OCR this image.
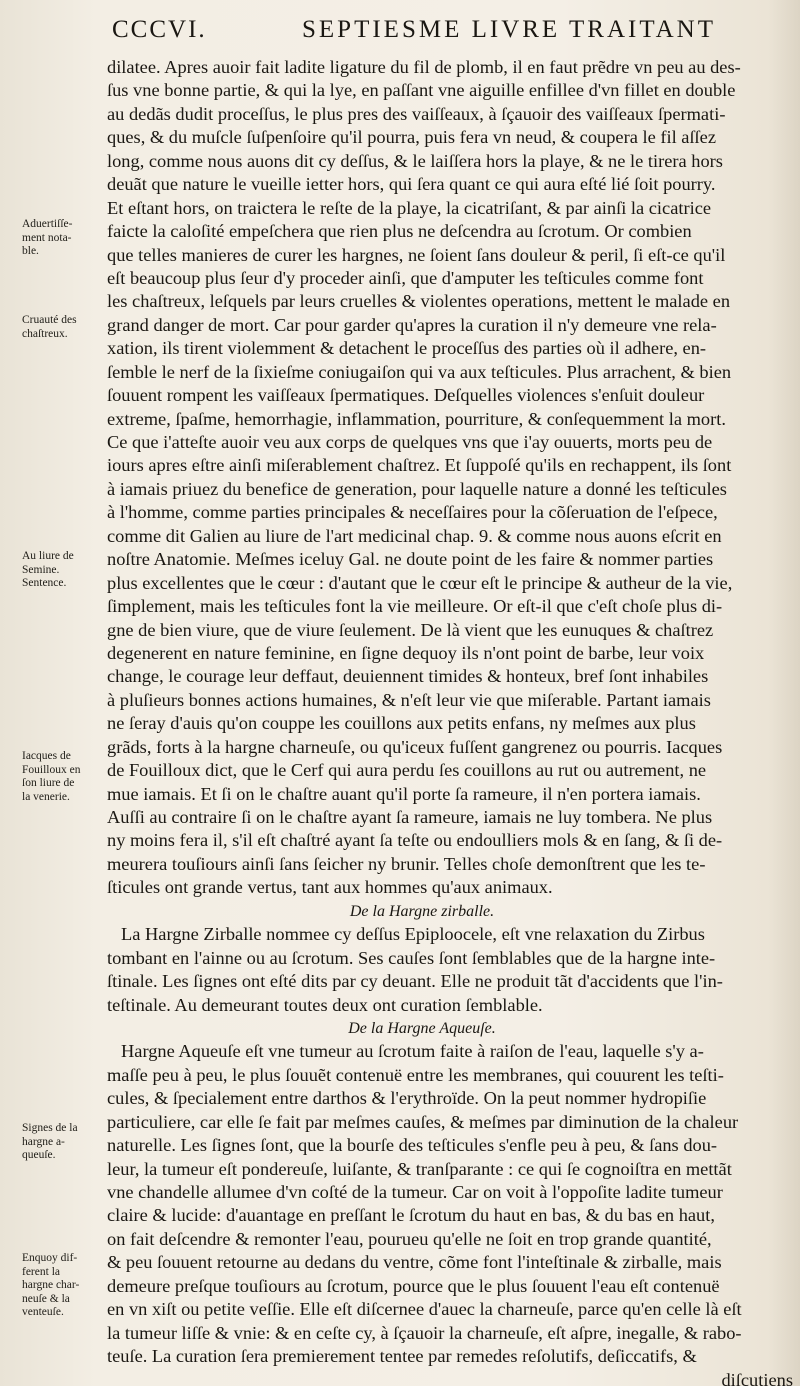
CCCVI.	SEPTIESME LIVRE TRAITANT
dilatee. Apres auoir fait ladite ligature du fil de plomb, il en faut prẽdre vn peu au des-
ſus vne bonne partie, & qui la lye, en paſſant vne aiguille enfillee d'vn fillet en double
au dedãs dudit proceſſus, le plus pres des vaiſſeaux, à ſçauoir des vaiſſeaux ſpermati-
ques, & du muſcle ſuſpenſoire qu'il pourra, puis fera vn neud, & coupera le fil aſſez
long, comme nous auons dit cy deſſus, & le laiſſera hors la playe, & ne le tirera hors
deuãt que nature le vueille ietter hors, qui ſera quant ce qui aura eſté lié ſoit pourry.
Et eſtant hors, on traictera le reſte de la playe, la cicatriſant, & par ainſi la cicatrice
faicte la caloſité empeſchera que rien plus ne deſcendra au ſcrotum. Or combien
que telles manieres de curer les hargnes, ne ſoient ſans douleur & peril, ſi eſt-ce qu'il
eſt beaucoup plus ſeur d'y proceder ainſi, que d'amputer les teſticules comme font
les chaſtreux, leſquels par leurs cruelles & violentes operations, mettent le malade en
grand danger de mort. Car pour garder qu'apres la curation il n'y demeure vne rela-
xation, ils tirent violemment & detachent le proceſſus des parties où il adhere, en-
ſemble le nerf de la ſixieſme coniugaiſon qui va aux teſticules. Plus arrachent, & bien
ſouuent rompent les vaiſſeaux ſpermatiques. Deſquelles violences s'enſuit douleur
extreme, ſpaſme, hemorrhagie, inflammation, pourriture, & conſequemment la mort.
Ce que i'atteſte auoir veu aux corps de quelques vns que i'ay ouuerts, morts peu de
iours apres eſtre ainſi miſerablement chaſtrez. Et ſuppoſé qu'ils en rechappent, ils ſont
à iamais priuez du benefice de generation, pour laquelle nature a donné les teſticules
à l'homme, comme parties principales & neceſſaires pour la cõſeruation de l'eſpece,
comme dit Galien au liure de l'art medicinal chap. 9. & comme nous auons eſcrit en
noſtre Anatomie. Meſmes iceluy Gal. ne doute point de les faire & nommer parties
plus excellentes que le cœur : d'autant que le cœur eſt le principe & autheur de la vie,
ſimplement, mais les teſticules font la vie meilleure. Or eſt-il que c'eſt choſe plus di-
gne de bien viure, que de viure ſeulement. De là vient que les eunuques & chaſtrez
degenerent en nature feminine, en ſigne dequoy ils n'ont point de barbe, leur voix
change, le courage leur deffaut, deuiennent timides & honteux, bref ſont inhabiles
à pluſieurs bonnes actions humaines, & n'eſt leur vie que miſerable. Partant iamais
ne ſeray d'auis qu'on couppe les couillons aux petits enfans, ny meſmes aux plus
grãds, forts à la hargne charneuſe, ou qu'iceux fuſſent gangrenez ou pourris. Iacques
de Fouilloux dict, que le Cerf qui aura perdu ſes couillons au rut ou autrement, ne
mue iamais. Et ſi on le chaſtre auant qu'il porte ſa rameure, il n'en portera iamais.
Auſſi au contraire ſi on le chaſtre ayant ſa rameure, iamais ne luy tombera. Ne plus
ny moins fera il, s'il eſt chaſtré ayant ſa teſte ou endoulliers mols & en ſang, & ſi de-
meurera touſiours ainſi ſans ſeicher ny brunir. Telles choſe demonſtrent que les te-
ſticules ont grande vertus, tant aux hommes qu'aux animaux.
De la Hargne zirballe.
La Hargne Zirballe nommee cy deſſus Epiploocele, eſt vne relaxation du Zirbus
tombant en l'ainne ou au ſcrotum. Ses cauſes ſont ſemblables que de la hargne inte-
ſtinale. Les ſignes ont eſté dits par cy deuant. Elle ne produit tãt d'accidents que l'in-
teſtinale. Au demeurant toutes deux ont curation ſemblable.
De la Hargne Aqueuſe.
Hargne Aqueuſe eſt vne tumeur au ſcrotum faite à raiſon de l'eau, laquelle s'y a-
maſſe peu à peu, le plus ſouuẽt contenuë entre les membranes, qui couurent les teſti-
cules, & ſpecialement entre darthos & l'erythroïde. On la peut nommer hydropiſie
particuliere, car elle ſe fait par meſmes cauſes, & meſmes par diminution de la chaleur
naturelle. Les ſignes ſont, que la bourſe des teſticules s'enfle peu à peu, & ſans dou-
leur, la tumeur eſt pondereuſe, luiſante, & tranſparante : ce qui ſe cognoiſtra en mettãt
vne chandelle allumee d'vn coſté de la tumeur. Car on voit à l'oppoſite ladite tumeur
claire & lucide: d'auantage en preſſant le ſcrotum du haut en bas, & du bas en haut,
on fait deſcendre & remonter l'eau, pourueu qu'elle ne ſoit en trop grande quantité,
& peu ſouuent retourne au dedans du ventre, cõme font l'inteſtinale & zirballe, mais
demeure preſque touſiours au ſcrotum, pource que le plus ſouuent l'eau eſt contenuë
en vn xiſt ou petite veſſie. Elle eſt diſcernee d'auec la charneuſe, parce qu'en celle là eſt
la tumeur liſſe & vnie: & en ceſte cy, à ſçauoir la charneuſe, eſt aſpre, inegalle, & rabo-
teuſe. La curation ſera premierement tentee par remedes reſolutifs, deſiccatifs, &
diſcutiens
Aduertiſſe-
ment nota-
ble.
Cruauté des
chaſtreux.
Au liure de
Semine.
Sentence.
Iacques de
Fouilloux en
ſon liure de
la venerie.
Signes de la
hargne a-
queuſe.
Enquoy dif-
ferent la
hargne char-
neuſe & la
venteuſe.
